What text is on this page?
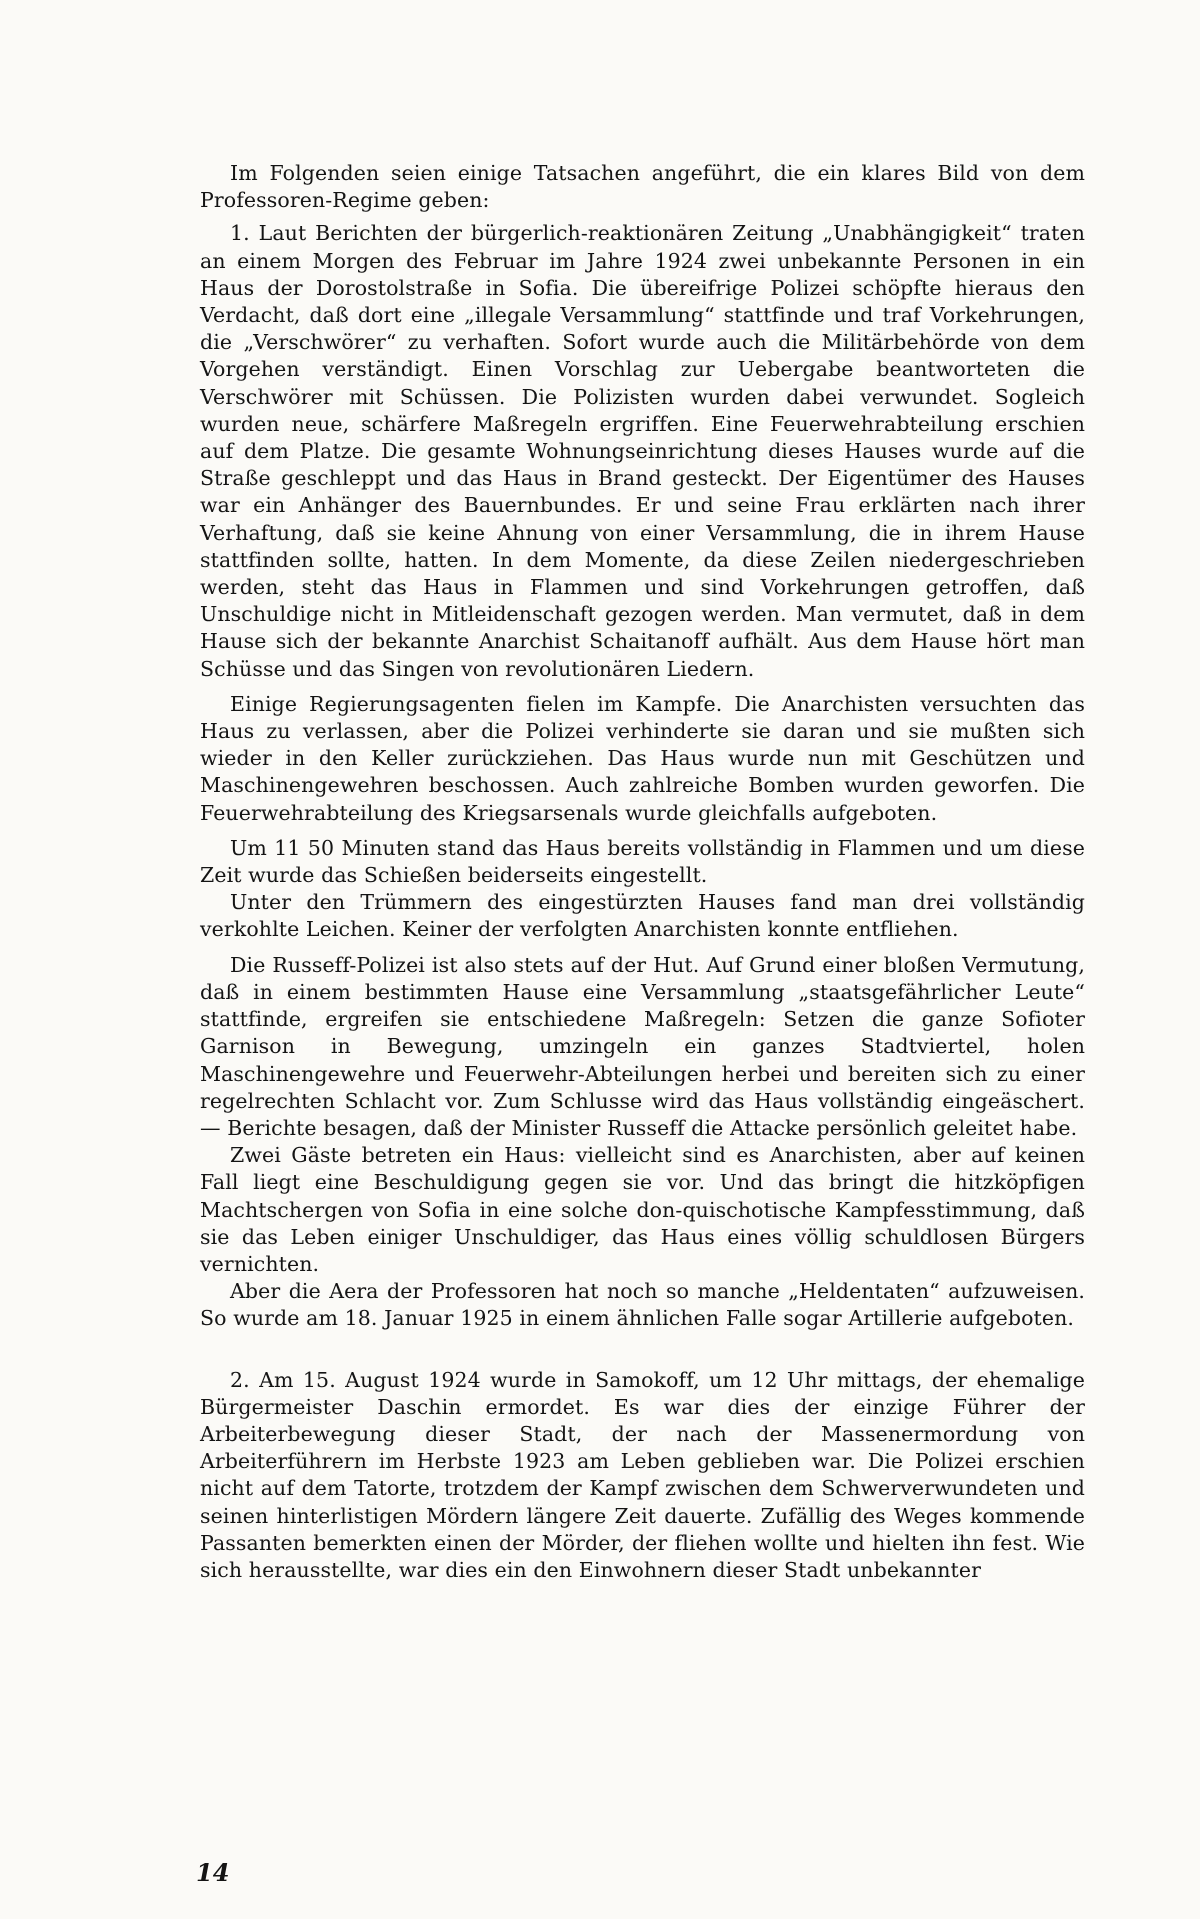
Im Folgenden seien einige Tatsachen angeführt, die ein klares Bild von dem Professoren-Regime geben:

1. Laut Berichten der bürgerlich-reaktionären Zeitung „Unabhängigkeit“ traten an einem Morgen des Februar im Jahre 1924 zwei unbekannte Personen in ein Haus der Dorostolstraße in Sofia. Die übereifrige Polizei schöpfte hieraus den Verdacht, daß dort eine „illegale Versammlung“ stattfinde und traf Vorkehrungen, die „Verschwörer“ zu verhaften. Sofort wurde auch die Militärbehörde von dem Vorgehen verständigt. Einen Vorschlag zur Uebergabe beantworteten die Verschwörer mit Schüssen. Die Polizisten wurden dabei verwundet. Sogleich wurden neue, schärfere Maßregeln ergriffen. Eine Feuerwehrabteilung erschien auf dem Platze. Die gesamte Wohnungseinrichtung dieses Hauses wurde auf die Straße geschleppt und das Haus in Brand gesteckt. Der Eigentümer des Hauses war ein Anhänger des Bauernbundes. Er und seine Frau erklärten nach ihrer Verhaftung, daß sie keine Ahnung von einer Versammlung, die in ihrem Hause stattfinden sollte, hatten. In dem Momente, da diese Zeilen niedergeschrieben werden, steht das Haus in Flammen und sind Vorkehrungen getroffen, daß Unschuldige nicht in Mitleidenschaft gezogen werden. Man vermutet, daß in dem Hause sich der bekannte Anarchist Schaitanoff aufhält. Aus dem Hause hört man Schüsse und das Singen von revolutionären Liedern.

Einige Regierungsagenten fielen im Kampfe. Die Anarchisten versuchten das Haus zu verlassen, aber die Polizei verhinderte sie daran und sie mußten sich wieder in den Keller zurückziehen. Das Haus wurde nun mit Geschützen und Maschinengewehren beschossen. Auch zahlreiche Bomben wurden geworfen. Die Feuerwehrabteilung des Kriegsarsenals wurde gleichfalls aufgeboten.

Um 11 50 Minuten stand das Haus bereits vollständig in Flammen und um diese Zeit wurde das Schießen beiderseits eingestellt.

Unter den Trümmern des eingestürzten Hauses fand man drei vollständig verkohlte Leichen. Keiner der verfolgten Anarchisten konnte entfliehen.

Die Russeff-Polizei ist also stets auf der Hut. Auf Grund einer bloßen Vermutung, daß in einem bestimmten Hause eine Versammlung „staatsgefährlicher Leute“ stattfinde, ergreifen sie entschiedene Maßregeln: Setzen die ganze Sofioter Garnison in Bewegung, umzingeln ein ganzes Stadtviertel, holen Maschinengewehre und Feuerwehr-Abteilungen herbei und bereiten sich zu einer regelrechten Schlacht vor. Zum Schlusse wird das Haus vollständig eingeäschert. — Berichte besagen, daß der Minister Russeff die Attacke persönlich geleitet habe.

Zwei Gäste betreten ein Haus: vielleicht sind es Anarchisten, aber auf keinen Fall liegt eine Beschuldigung gegen sie vor. Und das bringt die hitzköpfigen Machtschergen von Sofia in eine solche don-quischotische Kampfesstimmung, daß sie das Leben einiger Unschuldiger, das Haus eines völlig schuldlosen Bürgers vernichten.

Aber die Aera der Professoren hat noch so manche „Heldentaten“ aufzuweisen. So wurde am 18. Januar 1925 in einem ähnlichen Falle sogar Artillerie aufgeboten.

2. Am 15. August 1924 wurde in Samokoff, um 12 Uhr mittags, der ehemalige Bürgermeister Daschin ermordet. Es war dies der einzige Führer der Arbeiterbewegung dieser Stadt, der nach der Massenermordung von Arbeiterführern im Herbste 1923 am Leben geblieben war. Die Polizei erschien nicht auf dem Tatorte, trotzdem der Kampf zwischen dem Schwerverwundeten und seinen hinterlistigen Mördern längere Zeit dauerte. Zufällig des Weges kommende Passanten bemerkten einen der Mörder, der fliehen wollte und hielten ihn fest. Wie sich herausstellte, war dies ein den Einwohnern dieser Stadt unbekannter

14
